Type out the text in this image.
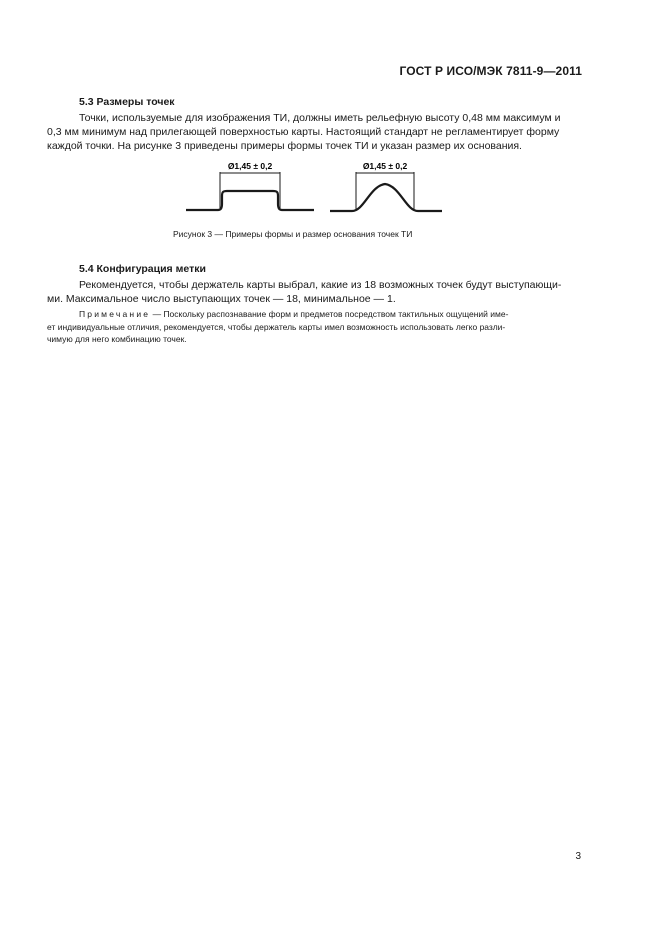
ГОСТ Р ИСО/МЭК 7811-9—2011
5.3 Размеры точек
Точки, используемые для изображения ТИ, должны иметь рельефную высоту 0,48 мм максимум и
0,3 мм минимум над прилегающей поверхностью карты. Настоящий стандарт не регламентирует форму
каждой точки. На рисунке 3 приведены примеры формы точек ТИ и указан размер их основания.
Ø1,45 ± 0,2	Ø1,45 ± 0,2
Рисунок 3 — Примеры формы и размер основания точек ТИ
5.4 Конфигурация метки
Рекомендуется, чтобы держатель карты выбрал, какие из 18 возможных точек будут выступающи-
ми. Максимальное число выступающих точек — 18, минимальное — 1.
Примечание — Поскольку распознавание форм и предметов посредством тактильных ощущений име-
ет индивидуальные отличия, рекомендуется, чтобы держатель карты имел возможность использовать легко разли-
чимую для него комбинацию точек.
3
